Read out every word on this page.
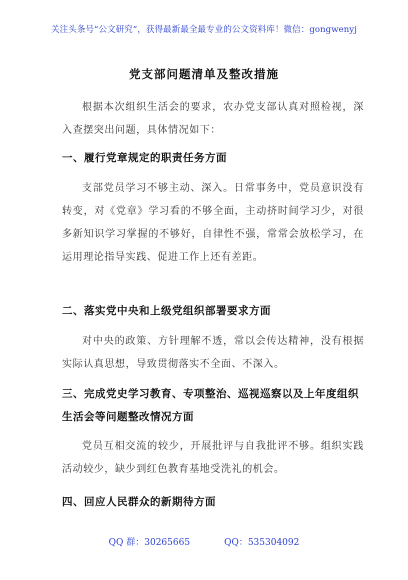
关注头条号“公文研究”，获得最新最全最专业的公文资料库！微信：gongwenyj
党支部问题清单及整改措施
根据本次组织生活会的要求，农办党支部认真对照检视，深入查摆突出问题，具体情况如下：
一、履行党章规定的职责任务方面
支部党员学习不够主动、深入。日常事务中，党员意识没有转变，对《党章》学习看的不够全面，主动挤时间学习少，对很多新知识学习掌握的不够好，自律性不强，常常会放松学习，在运用理论指导实践、促进工作上还有差距。
二、落实党中央和上级党组织部署要求方面
对中央的政策、方针理解不透，常以会传达精神，没有根据实际认真思想，导致贯彻落实不全面、不深入。
三、完成党史学习教育、专项整治、巡视巡察以及上年度组织生活会等问题整改情况方面
党员互相交流的较少，开展批评与自我批评不够。组织实践活动较少，缺少到红色教育基地受洗礼的机会。
四、回应人民群众的新期待方面
QQ 群：30265665	QQ：535304092
